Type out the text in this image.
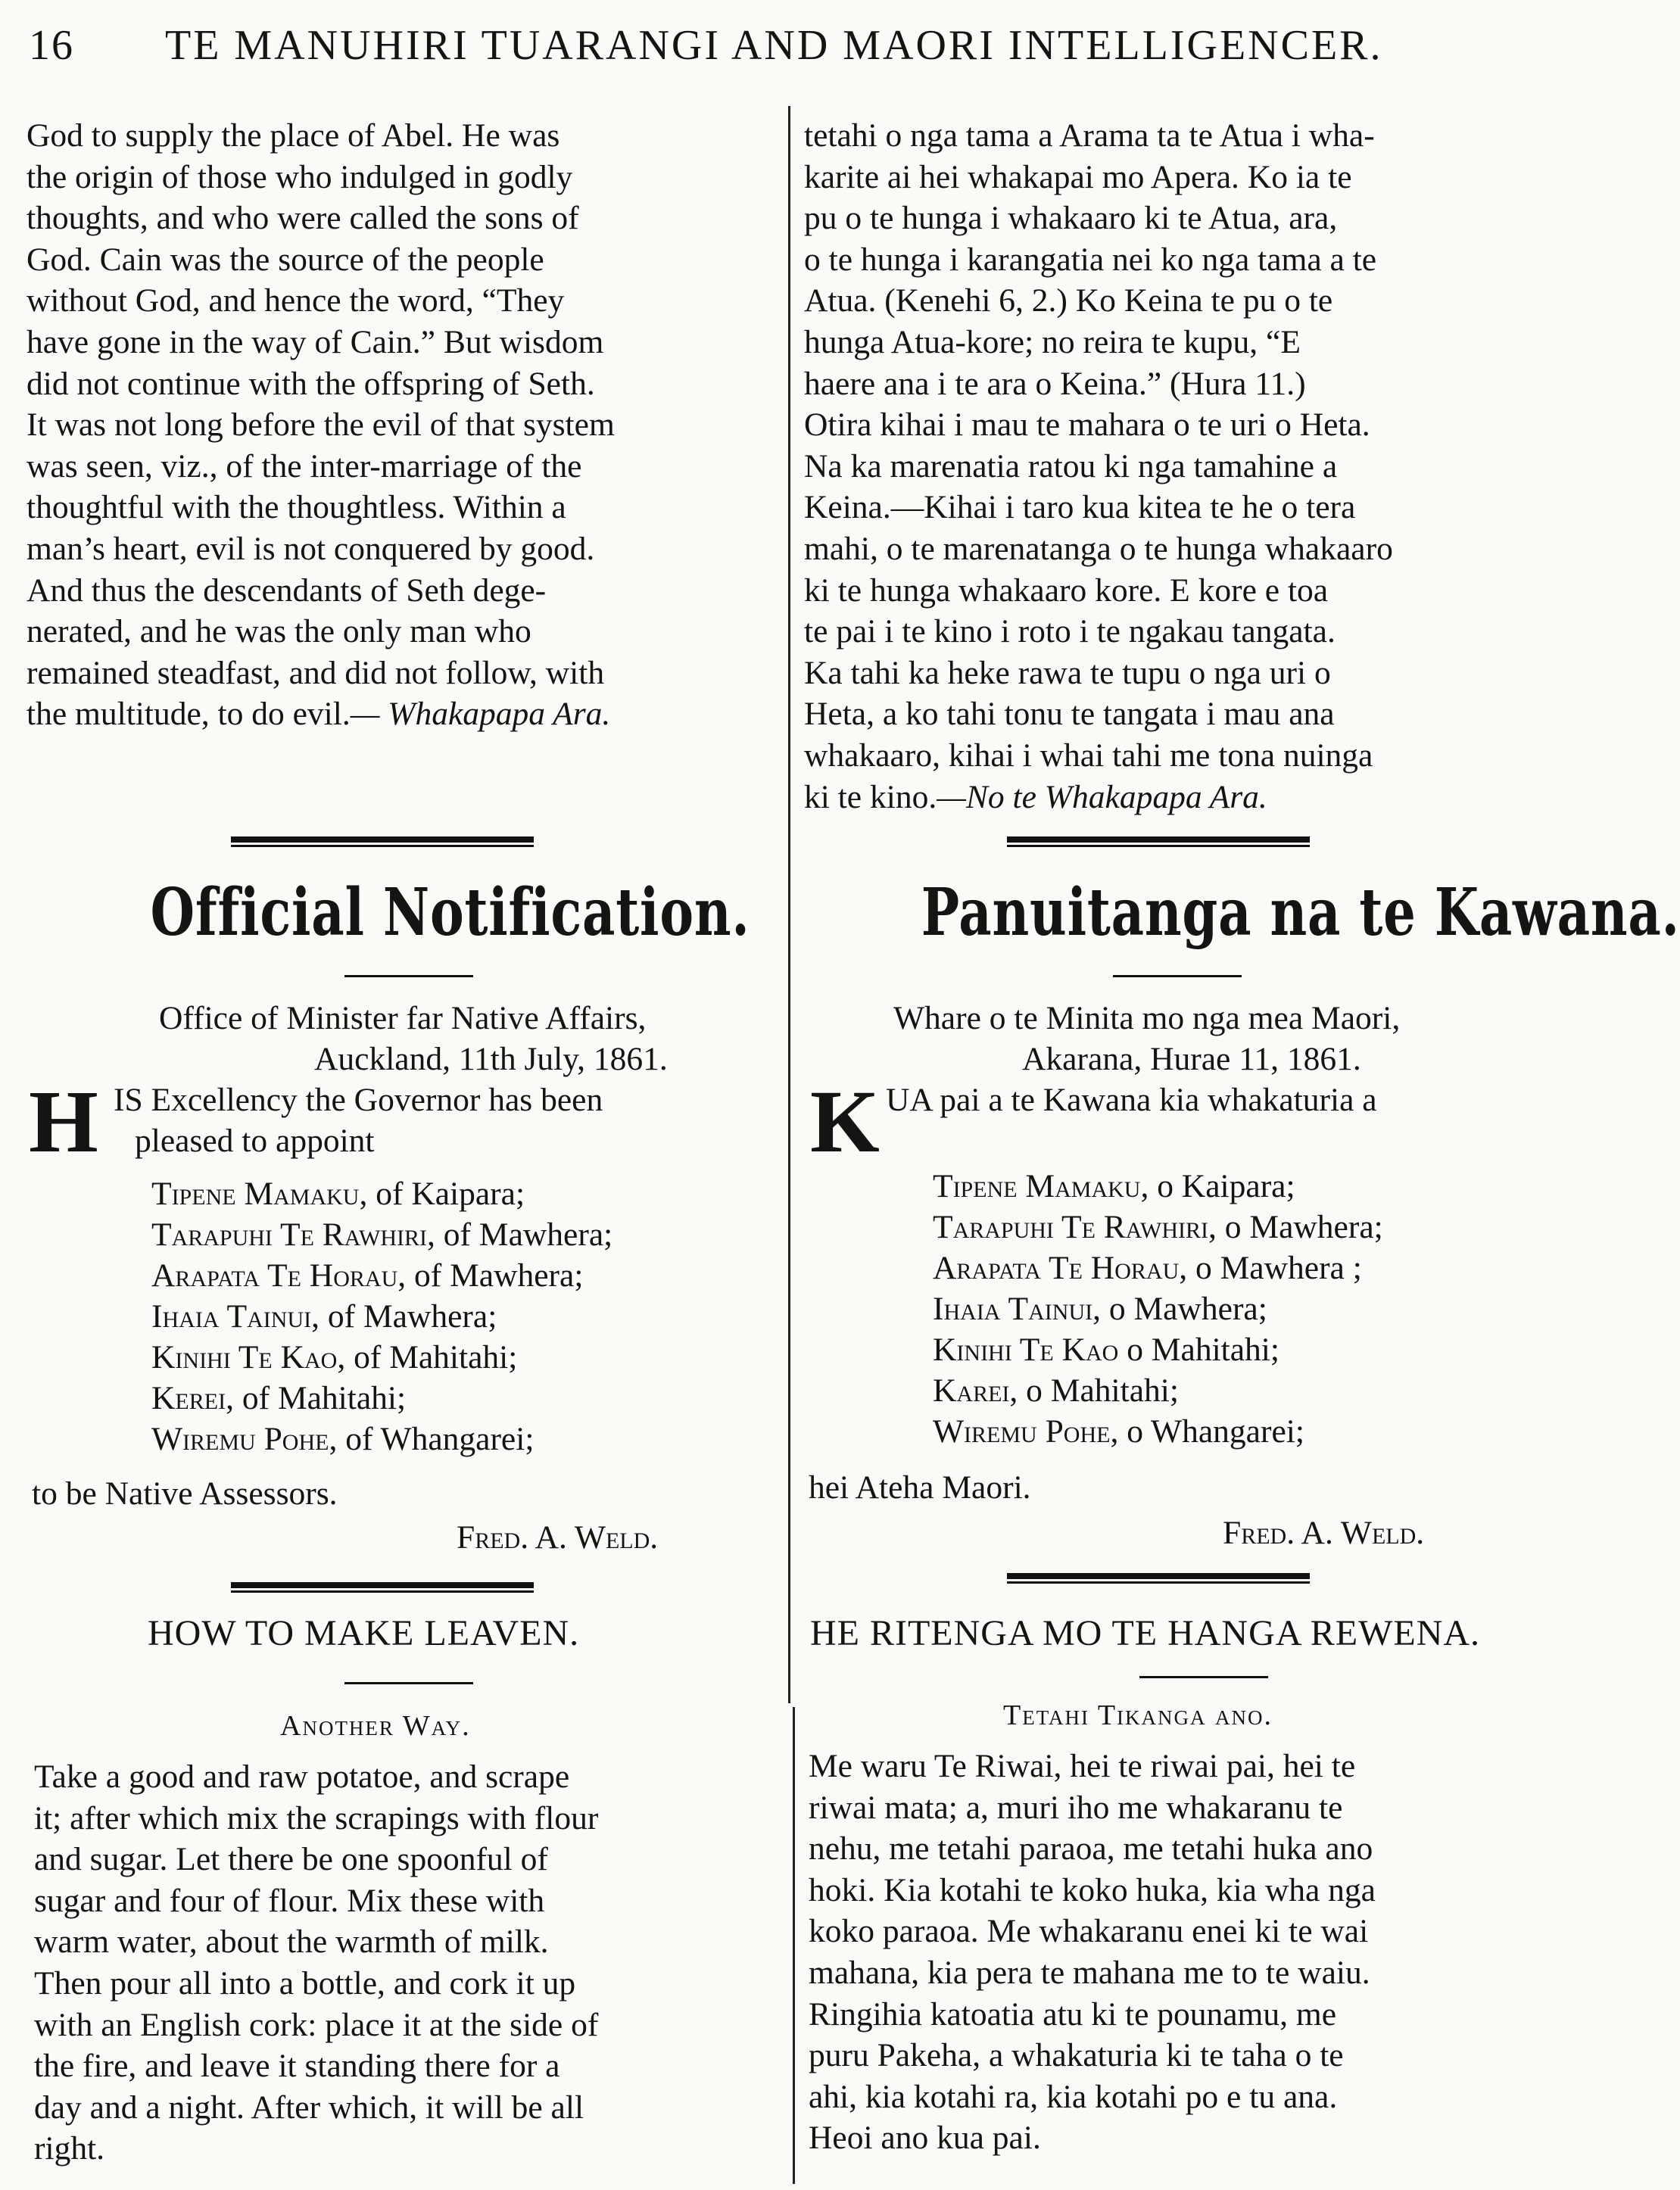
16 TE MANUHIRI TUARANGI AND MAORI INTELLIGENCER.

God to supply the place of Abel. He was
the origin of those who indulged in godly
thoughts, and who were called the sons of
God. Cain was the source of the people
without God, and hence the word, “They
have gone in the way of Cain.” But wisdom
did not continue with the offspring of Seth.
It was not long before the evil of that system
was seen, viz., of the inter-marriage of the
thoughtful with the thoughtless. Within a
man’s heart, evil is not conquered by good.
And thus the descendants of Seth dege-
nerated, and he was the only man who
remained steadfast, and did not follow, with
the multitude, to do evil.— Whakapapa Ara.

Official Notification.
Office of Minister far Native Affairs,
Auckland, 11th July, 1861.
H IS Excellency the Governor has been
pleased to appoint
Tipene Mamaku, of Kaipara;
Tarapuhi Te Rawhiri, of Mawhera;
Arapata Te Horau, of Mawhera;
Ihaia Tainui, of Mawhera;
Kinihi Te Kao, of Mahitahi;
Kerei, of Mahitahi;
Wiremu Pohe, of Whangarei;
to be Native Assessors.
Fred. A. Weld.
HOW TO MAKE LEAVEN.
Another Way.

Take a good and raw potatoe, and scrape
it; after which mix the scrapings with flour
and sugar. Let there be one spoonful of
sugar and four of flour. Mix these with
warm water, about the warmth of milk.
Then pour all into a bottle, and cork it up
with an English cork: place it at the side of
the fire, and leave it standing there for a
day and a night. After which, it will be all
right.

tetahi o nga tama a Arama ta te Atua i wha-
karite ai hei whakapai mo Apera. Ko ia te
pu o te hunga i whakaaro ki te Atua, ara,
o te hunga i karangatia nei ko nga tama a te
Atua. (Kenehi 6, 2.) Ko Keina te pu o te
hunga Atua-kore; no reira te kupu, “E
haere ana i te ara o Keina.” (Hura 11.)
Otira kihai i mau te mahara o te uri o Heta.
Na ka marenatia ratou ki nga tamahine a
Keina.—Kihai i taro kua kitea te he o tera
mahi, o te marenatanga o te hunga whakaaro
ki te hunga whakaaro kore. E kore e toa
te pai i te kino i roto i te ngakau tangata.
Ka tahi ka heke rawa te tupu o nga uri o
Heta, a ko tahi tonu te tangata i mau ana
whakaaro, kihai i whai tahi me tona nuinga
ki te kino.—No te Whakapapa Ara.

Panuitanga na te Kawana.
Whare o te Minita mo nga mea Maori,
Akarana, Hurae 11, 1861.
K UA pai a te Kawana kia whakaturia a
Tipene Mamaku, o Kaipara;
Tarapuhi Te Rawhiri, o Mawhera;
Arapata Te Horau, o Mawhera ;
Ihaia Tainui, o Mawhera;
Kinihi Te Kao o Mahitahi;
Karei, o Mahitahi;
Wiremu Pohe, o Whangarei;
hei Ateha Maori.
Fred. A. Weld.
HE RITENGA MO TE HANGA REWENA.
Tetahi Tikanga ano.

Me waru Te Riwai, hei te riwai pai, hei te
riwai mata; a, muri iho me whakaranu te
nehu, me tetahi paraoa, me tetahi huka ano
hoki. Kia kotahi te koko huka, kia wha nga
koko paraoa. Me whakaranu enei ki te wai
mahana, kia pera te mahana me to te waiu.
Ringihia katoatia atu ki te pounamu, me
puru Pakeha, a whakaturia ki te taha o te
ahi, kia kotahi ra, kia kotahi po e tu ana.
Heoi ano kua pai.
